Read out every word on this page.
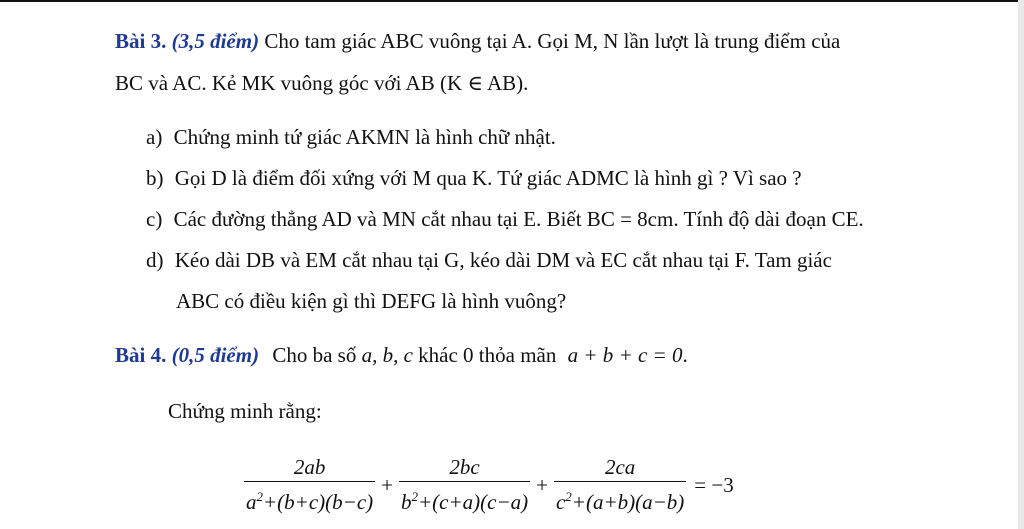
Bài 3. (3,5 điểm) Cho tam giác ABC vuông tại A. Gọi M, N lần lượt là trung điểm của
BC và AC. Kẻ MK vuông góc với AB (K ∈ AB).
a) Chứng minh tứ giác AKMN là hình chữ nhật.
b) Gọi D là điểm đối xứng với M qua K. Tứ giác ADMC là hình gì ? Vì sao ?
c) Các đường thẳng AD và MN cắt nhau tại E. Biết BC = 8cm. Tính độ dài đoạn CE.
d) Kéo dài DB và EM cắt nhau tại G, kéo dài DM và EC cắt nhau tại F. Tam giác
ABC có điều kiện gì thì DEFG là hình vuông?
Bài 4. (0,5 điểm) Cho ba số a, b, c khác 0 thỏa mãn a + b + c = 0.
Chứng minh rằng:
$\frac{2ab}{a^2+(b+c)(b-c)} + \frac{2bc}{b^2+(c+a)(c-a)} + \frac{2ca}{c^2+(a+b)(a-b)} = -3$
